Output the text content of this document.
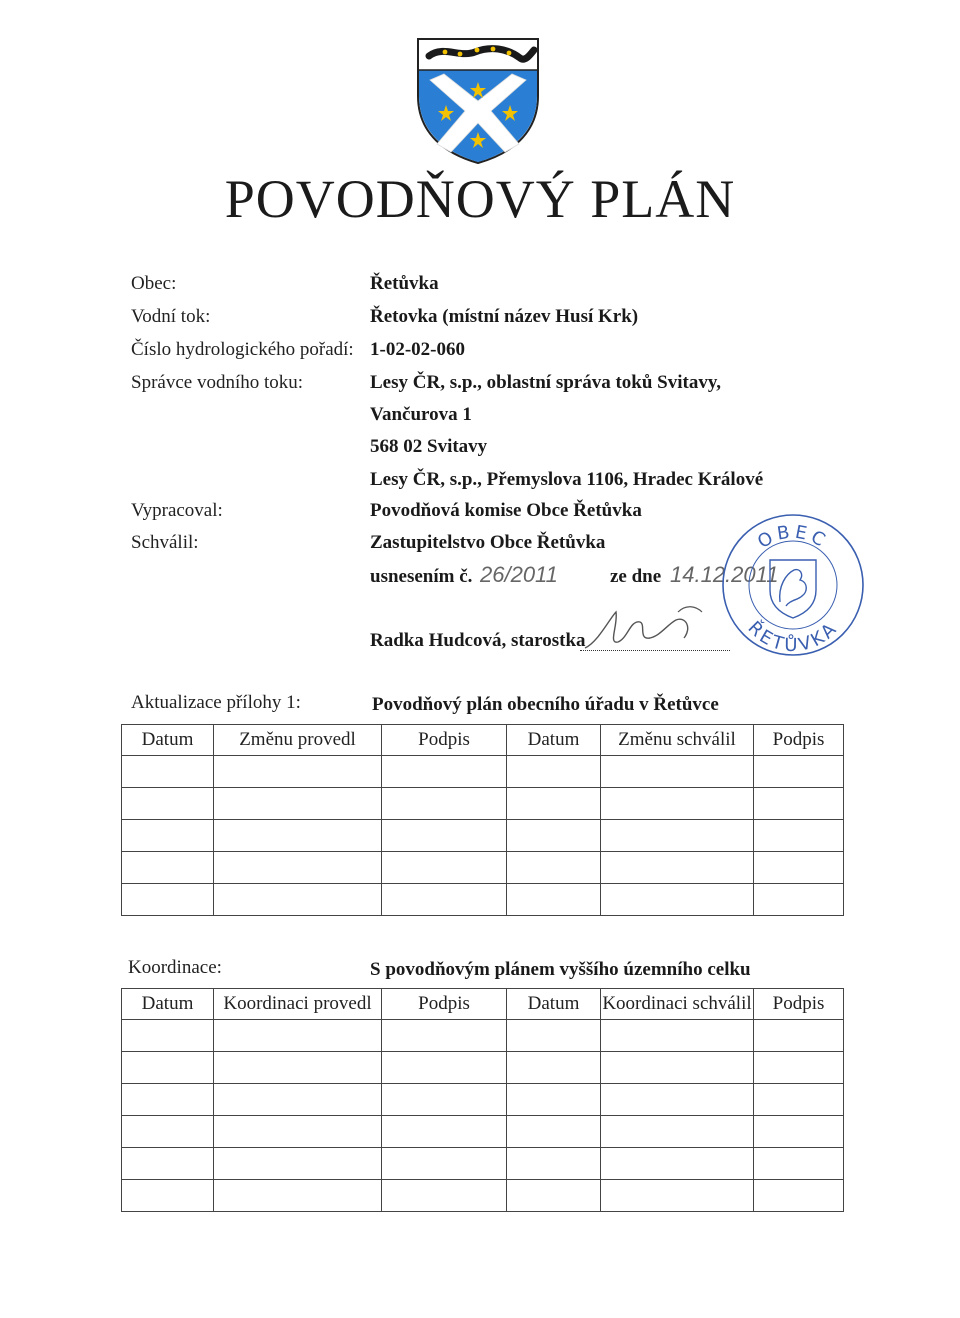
POVODŇOVÝ PLÁN
Obec:	Řetůvka
Vodní tok:	Řetovka (místní název Husí Krk)
Číslo hydrologického pořadí: 1-02-02-060
Správce vodního toku:	Lesy ČR, s.p., oblastní správa toků Svitavy,
Vančurova 1
568 02 Svitavy
Lesy ČR, s.p., Přemyslova 1106, Hradec Králové
Vypracoval:	Povodňová komise Obce Řetůvka
Schválil:	Zastupitelstvo Obce Řetůvka
usnesením č. 26/2011	ze dne 14.12.2011
Radka Hudcová, starostka
OBEC
ŘETŮVKA
Aktualizace přílohy 1:	Povodňový plán obecního úřadu v Řetůvce
Datum	Změnu provedl	Podpis	Datum	Změnu schválil	Podpis

Koordinace:	S povodňovým plánem vyššího územního celku
Datum	Koordinaci provedl	Podpis	Datum	Koordinaci schválil	Podpis
